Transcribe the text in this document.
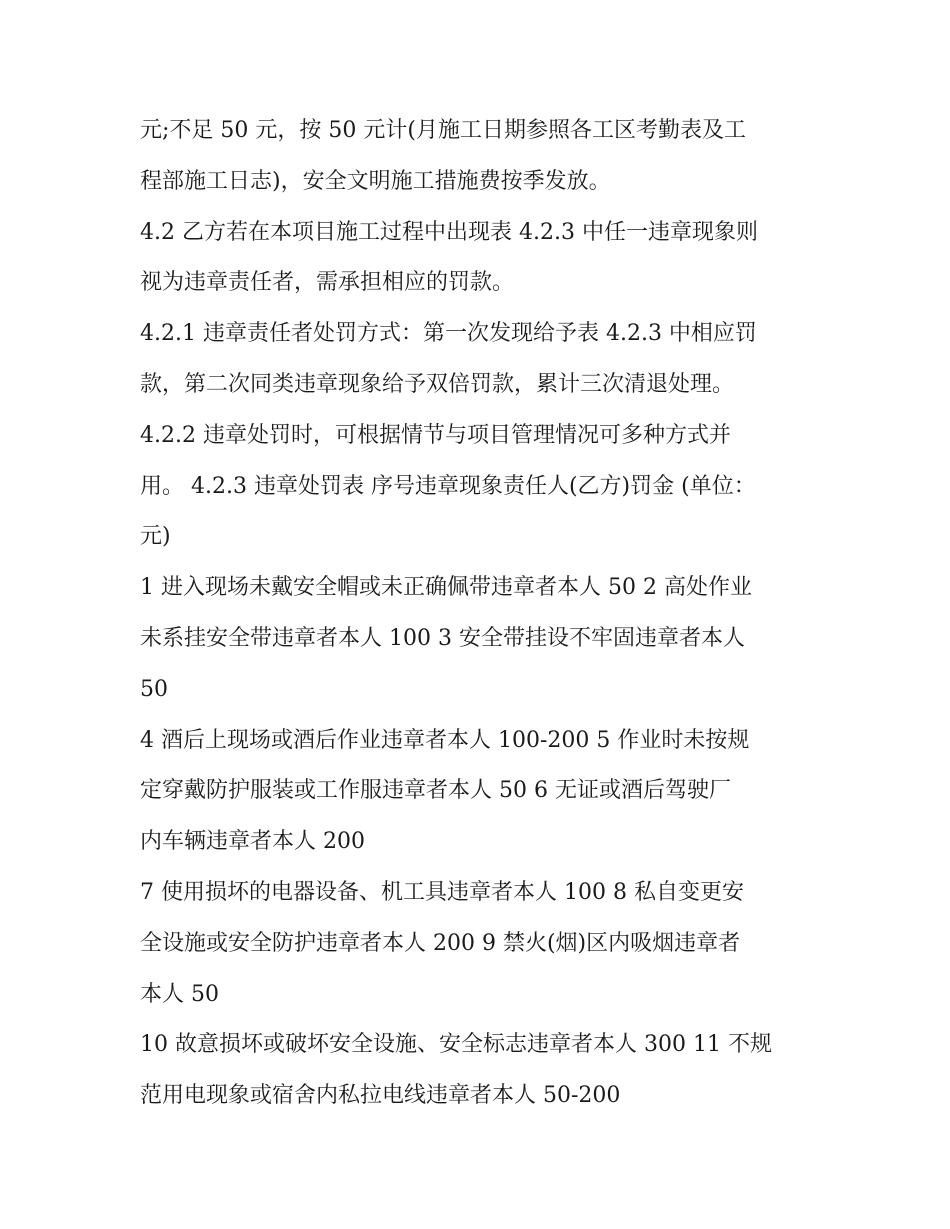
元;不足 50 元，按 50 元计(月施工日期参照各工区考勤表及工
程部施工日志)，安全文明施工措施费按季发放。
4.2 乙方若在本项目施工过程中出现表 4.2.3 中任一违章现象则
视为违章责任者，需承担相应的罚款。
4.2.1 违章责任者处罚方式：第一次发现给予表 4.2.3 中相应罚
款，第二次同类违章现象给予双倍罚款，累计三次清退处理。
4.2.2 违章处罚时，可根据情节与项目管理情况可多种方式并
用。 4.2.3 违章处罚表 序号违章现象责任人(乙方)罚金 (单位：
元)
1 进入现场未戴安全帽或未正确佩带违章者本人 50 2 高处作业
未系挂安全带违章者本人 100 3 安全带挂设不牢固违章者本人
50
4 酒后上现场或酒后作业违章者本人 100-200 5 作业时未按规
定穿戴防护服装或工作服违章者本人 50 6 无证或酒后驾驶厂
内车辆违章者本人 200
7 使用损坏的电器设备、机工具违章者本人 100 8 私自变更安
全设施或安全防护违章者本人 200 9 禁火(烟)区内吸烟违章者
本人 50
10 故意损坏或破坏安全设施、安全标志违章者本人 300 11 不规
范用电现象或宿舍内私拉电线违章者本人 50-200
